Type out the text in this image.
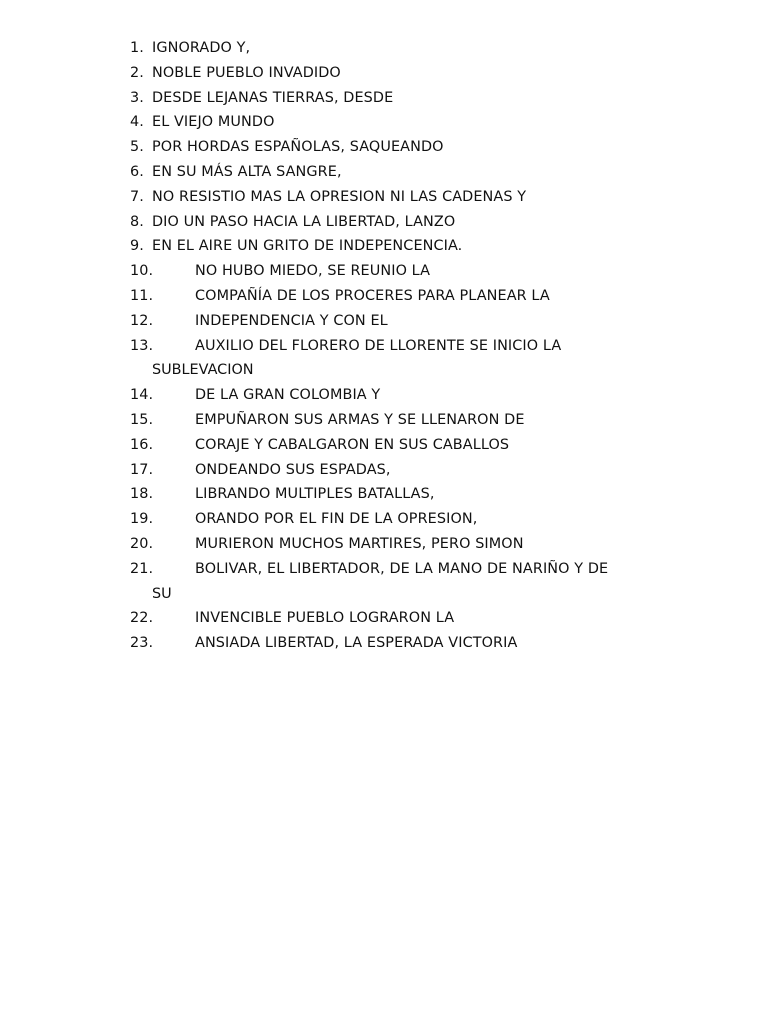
1. IGNORADO Y,
2. NOBLE PUEBLO INVADIDO
3. DESDE LEJANAS TIERRAS, DESDE
4. EL VIEJO MUNDO
5. POR HORDAS ESPAÑOLAS, SAQUEANDO
6. EN SU MÁS ALTA SANGRE,
7. NO RESISTIO MAS LA OPRESION NI LAS CADENAS Y
8. DIO UN PASO HACIA LA LIBERTAD, LANZO
9. EN EL AIRE UN GRITO DE INDEPENCENCIA.
10.	NO HUBO MIEDO, SE REUNIO LA
11.	COMPAÑÍA DE LOS PROCERES PARA PLANEAR LA
12.	INDEPENDENCIA Y CON EL
13.	AUXILIO DEL FLORERO DE LLORENTE SE INICIO LA
SUBLEVACION
14.	DE LA GRAN COLOMBIA Y
15.	EMPUÑARON SUS ARMAS Y SE LLENARON DE
16.	CORAJE Y CABALGARON EN SUS CABALLOS
17.	ONDEANDO SUS ESPADAS,
18.	LIBRANDO MULTIPLES BATALLAS,
19.	ORANDO POR EL FIN DE LA OPRESION,
20.	MURIERON MUCHOS MARTIRES, PERO SIMON
21.	BOLIVAR, EL LIBERTADOR, DE LA MANO DE NARIÑO Y DE
SU
22.	INVENCIBLE PUEBLO LOGRARON LA
23.	ANSIADA LIBERTAD, LA ESPERADA VICTORIA
